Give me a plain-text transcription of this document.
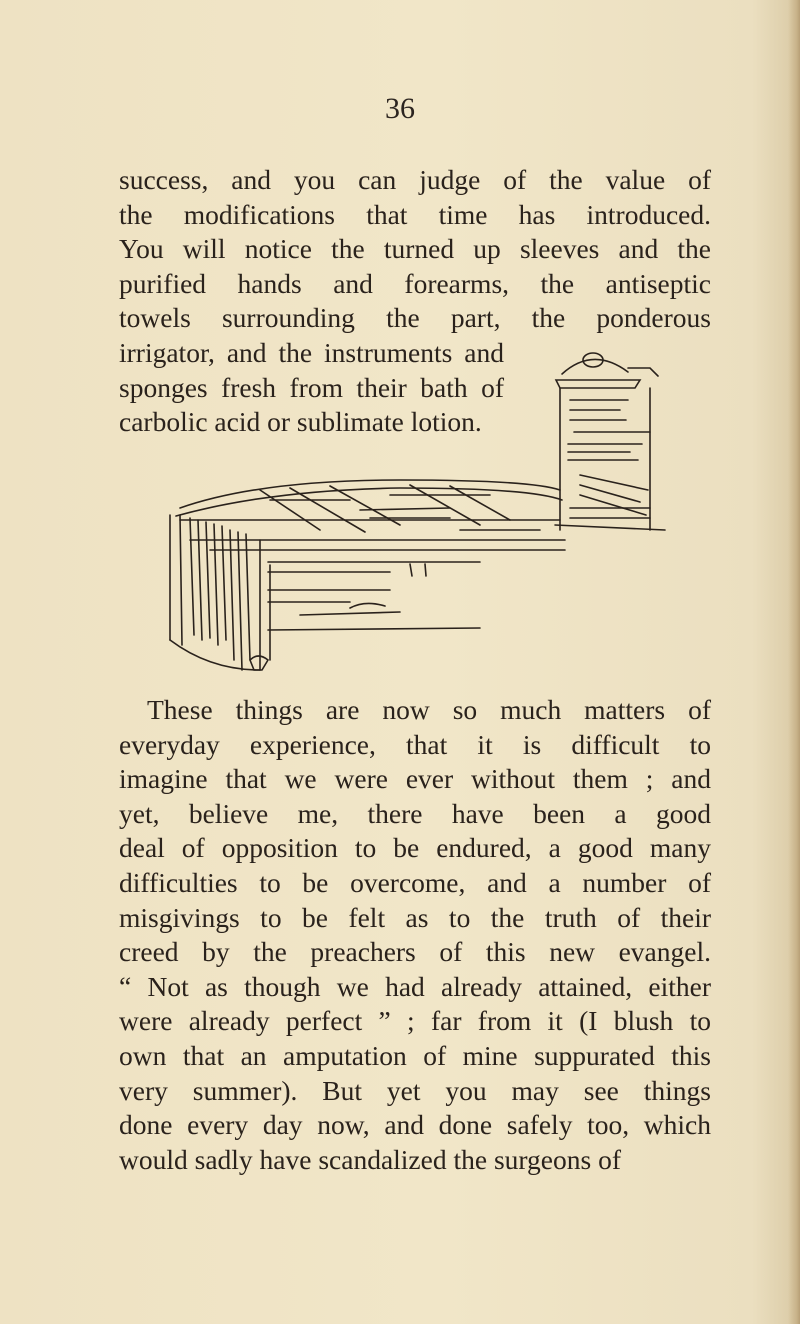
36
success, and you can judge of the value of
the modifications that time has introduced.
You will notice the turned up sleeves and the
purified hands and forearms, the antiseptic
towels surrounding the part, the ponderous
irrigator, and the instruments and
sponges fresh from their bath of
carbolic acid or sublimate lotion.
These things are now so much matters of
everyday experience, that it is difficult to
imagine that we were ever without them ; and
yet, believe me, there have been a good
deal of opposition to be endured, a good many
difficulties to be overcome, and a number of
misgivings to be felt as to the truth of their
creed by the preachers of this new evangel.
“ Not as though we had already attained, either
were already perfect ” ; far from it (I blush to
own that an amputation of mine suppurated this
very summer). But yet you may see things
done every day now, and done safely too, which
would sadly have scandalized the surgeons of
